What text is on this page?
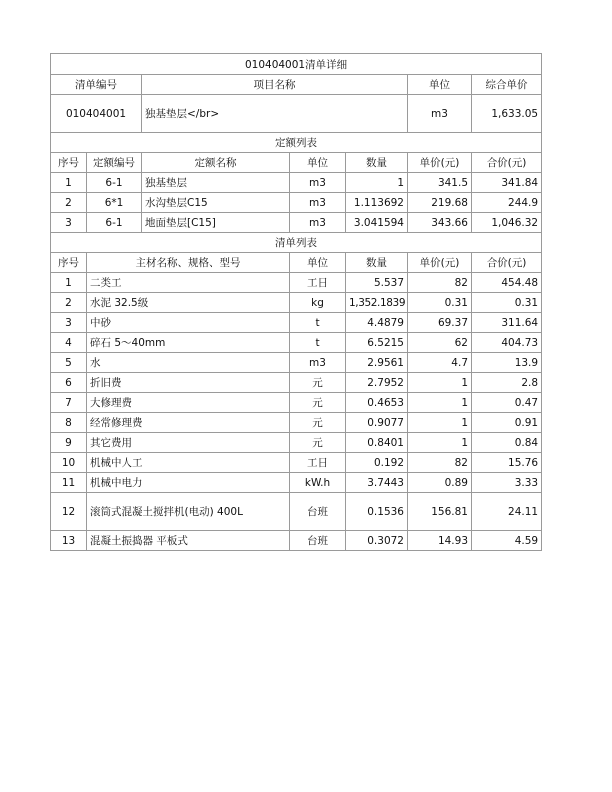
010404001清单详细						
清单编号		项目名称			单位	综合单价
010404001		独基垫层</br>			m3	1,633.05
定额列表						
序号	定额编号	定额名称	单位	数量	单价(元)	合价(元)
1	6-1	独基垫层	m3	1	341.5	341.84
2	6*1	水沟垫层C15	m3	1.113692	219.68	244.9
3	6-1	地面垫层[C15]	m3	3.041594	343.66	1,046.32
清单列表						
序号	主材名称、规格、型号		单位	数量	单价(元)	合价(元)
1	二类工		工日	5.537	82	454.48
2	水泥 32.5级		kg	1,352.1839	0.31	0.31
3	中砂		t	4.4879	69.37	311.64
4	碎石 5～40mm		t	6.5215	62	404.73
5	水		m3	2.9561	4.7	13.9
6	折旧费		元	2.7952	1	2.8
7	大修理费		元	0.4653	1	0.47
8	经常修理费		元	0.9077	1	0.91
9	其它费用		元	0.8401	1	0.84
10	机械中人工		工日	0.192	82	15.76
11	机械中电力		kW.h	3.7443	0.89	3.33
12	滚筒式混凝土搅拌机(电动) 400L		台班	0.1536	156.81	24.11
13	混凝土振捣器 平板式		台班	0.3072	14.93	4.59
